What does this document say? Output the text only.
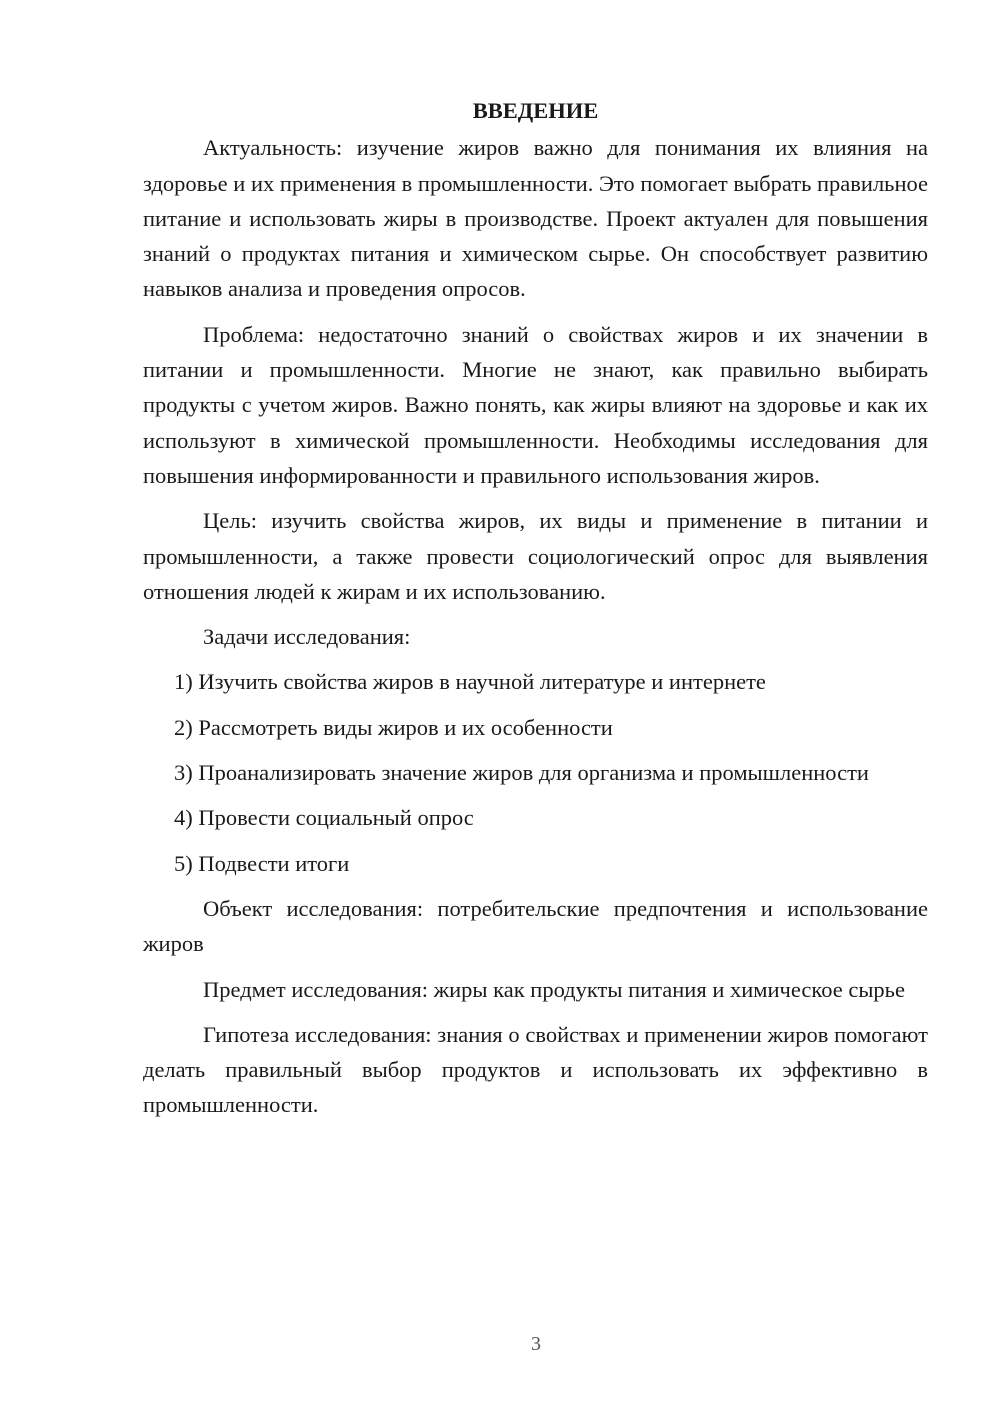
ВВЕДЕНИЕ

Актуальность: изучение жиров важно для понимания их влияния на здоровье и их применения в промышленности. Это помогает выбрать правильное питание и использовать жиры в производстве. Проект актуален для повышения знаний о продуктах питания и химическом сырье. Он способствует развитию навыков анализа и проведения опросов.

Проблема: недостаточно знаний о свойствах жиров и их значении в питании и промышленности. Многие не знают, как правильно выбирать продукты с учетом жиров. Важно понять, как жиры влияют на здоровье и как их используют в химической промышленности. Необходимы исследования для повышения информированности и правильного использования жиров.

Цель: изучить свойства жиров, их виды и применение в питании и промышленности, а также провести социологический опрос для выявления отношения людей к жирам и их использованию.

Задачи исследования:

1) Изучить свойства жиров в научной литературе и интернете

2) Рассмотреть виды жиров и их особенности

3) Проанализировать значение жиров для организма и промышленности

4) Провести социальный опрос

5) Подвести итоги

Объект исследования: потребительские предпочтения и использование жиров

Предмет исследования: жиры как продукты питания и химическое сырье

Гипотеза исследования: знания о свойствах и применении жиров помогают делать правильный выбор продуктов и использовать их эффективно в промышленности.

3
